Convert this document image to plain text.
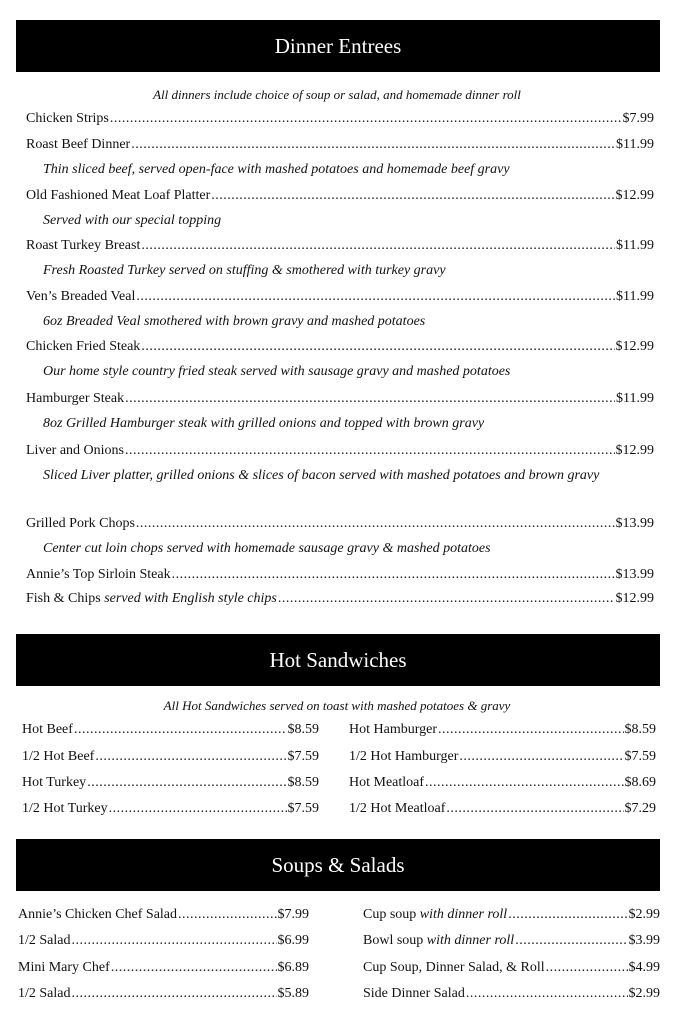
Dinner Entrees
All dinners include choice of soup or salad, and homemade dinner roll
Chicken Strips .....	$7.99
Roast Beef Dinner .....	$11.99
Thin sliced beef, served open-face with mashed potatoes and homemade beef gravy
Old Fashioned Meat Loaf Platter .....	$12.99
Served with our special topping
Roast Turkey Breast .....	$11.99
Fresh Roasted Turkey served on stuffing & smothered with turkey gravy
Ven’s Breaded Veal .....	$11.99
6oz Breaded Veal smothered with brown gravy and mashed potatoes
Chicken Fried Steak .....	$12.99
Our home style country fried steak served with sausage gravy and mashed potatoes
Hamburger Steak .....	$11.99
8oz Grilled Hamburger steak with grilled onions and topped with brown gravy
Liver and Onions .....	$12.99
Sliced Liver platter, grilled onions & slices of bacon served with mashed potatoes and brown gravy
Grilled Pork Chops .....	$13.99
Center cut loin chops served with homemade sausage gravy & mashed potatoes
Annie’s Top Sirloin Steak .....	$13.99
Fish & Chips served with English style chips .....	$12.99
Hot Sandwiches
All Hot Sandwiches served on toast with mashed potatoes & gravy
Hot Beef .....	$8.59
1/2 Hot Beef .....	$7.59
Hot Turkey .....	$8.59
1/2 Hot Turkey .....	$7.59
Hot Hamburger .....	$8.59
1/2 Hot Hamburger .....	$7.59
Hot Meatloaf .....	$8.69
1/2 Hot Meatloaf .....	$7.29
Soups & Salads
Annie’s Chicken Chef Salad .....	$7.99
1/2 Salad .....	$6.99
Mini Mary Chef .....	$6.89
1/2 Salad .....	$5.89
Cup soup with dinner roll .....	$2.99
Bowl soup with dinner roll .....	$3.99
Cup Soup, Dinner Salad, & Roll .....	$4.99
Side Dinner Salad .....	$2.99
